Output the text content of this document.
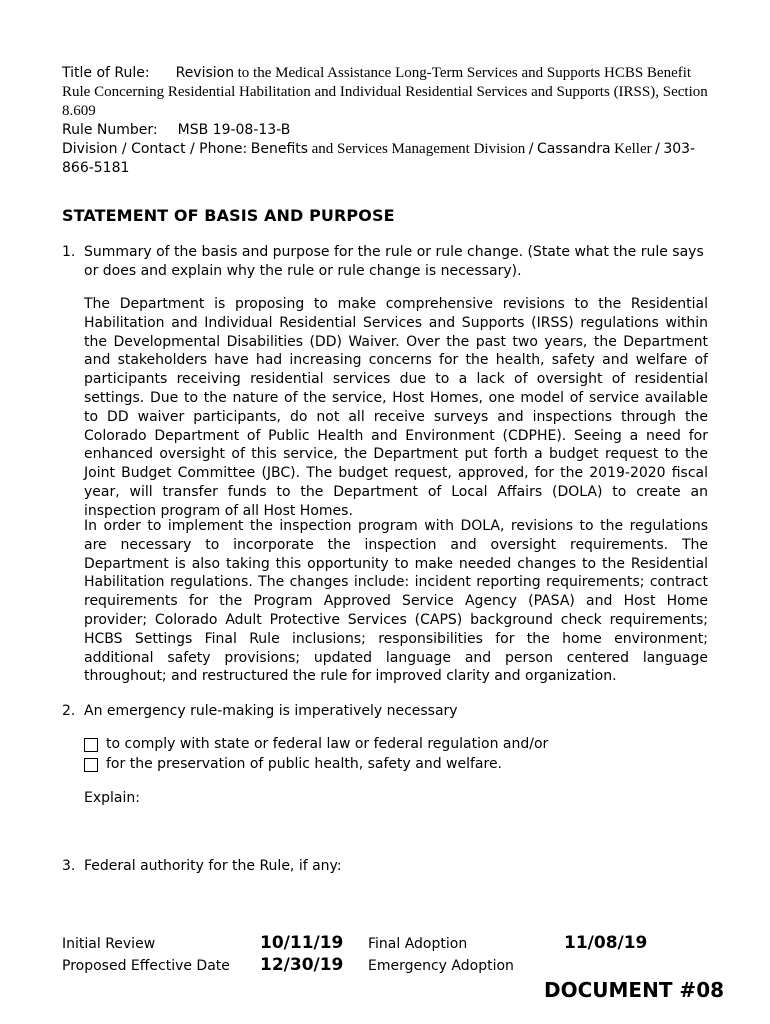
Title of Rule: Revision to the Medical Assistance Long-Term Services and Supports HCBS Benefit Rule Concerning Residential Habilitation and Individual Residential Services and Supports (IRSS), Section 8.609
Rule Number: MSB 19-08-13-B
Division / Contact / Phone: Benefits and Services Management Division / Cassandra Keller / 303-866-5181
STATEMENT OF BASIS AND PURPOSE
1. Summary of the basis and purpose for the rule or rule change. (State what the rule says or does and explain why the rule or rule change is necessary).
The Department is proposing to make comprehensive revisions to the Residential Habilitation and Individual Residential Services and Supports (IRSS) regulations within the Developmental Disabilities (DD) Waiver. Over the past two years, the Department and stakeholders have had increasing concerns for the health, safety and welfare of participants receiving residential services due to a lack of oversight of residential settings. Due to the nature of the service, Host Homes, one model of service available to DD waiver participants, do not all receive surveys and inspections through the Colorado Department of Public Health and Environment (CDPHE). Seeing a need for enhanced oversight of this service, the Department put forth a budget request to the Joint Budget Committee (JBC). The budget request, approved, for the 2019-2020 fiscal year, will transfer funds to the Department of Local Affairs (DOLA) to create an inspection program of all Host Homes.
In order to implement the inspection program with DOLA, revisions to the regulations are necessary to incorporate the inspection and oversight requirements. The Department is also taking this opportunity to make needed changes to the Residential Habilitation regulations. The changes include: incident reporting requirements; contract requirements for the Program Approved Service Agency (PASA) and Host Home provider; Colorado Adult Protective Services (CAPS) background check requirements; HCBS Settings Final Rule inclusions; responsibilities for the home environment; additional safety provisions; updated language and person centered language throughout; and restructured the rule for improved clarity and organization.
2. An emergency rule-making is imperatively necessary
to comply with state or federal law or federal regulation and/or
for the preservation of public health, safety and welfare.
Explain:
3. Federal authority for the Rule, if any:
Initial Review	10/11/19 Final Adoption	11/08/19
Proposed Effective Date 12/30/19 Emergency Adoption
DOCUMENT #08
